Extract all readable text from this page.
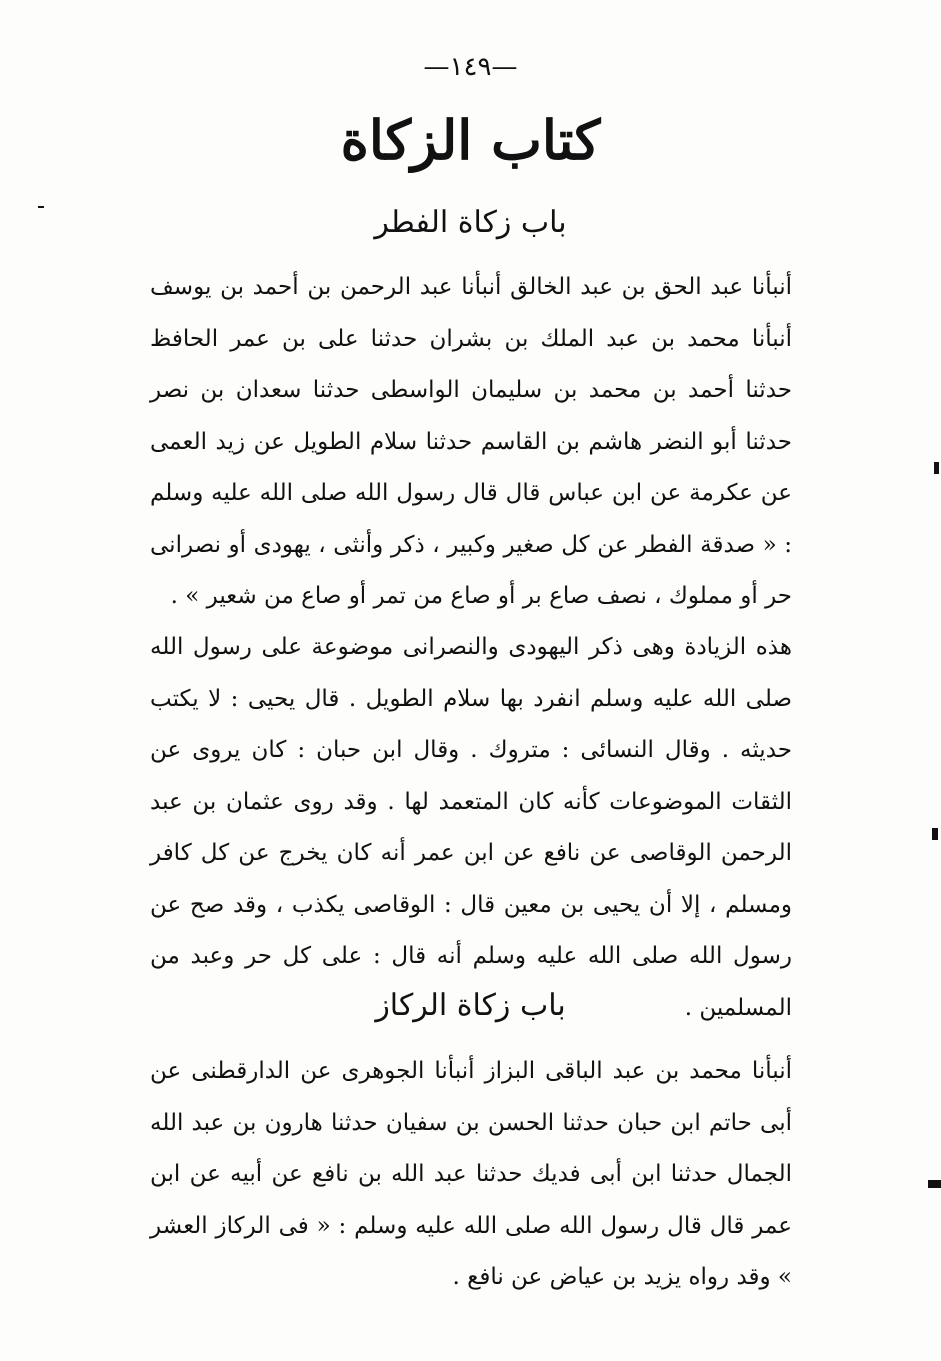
—١٤٩—
كتاب الزكاة
باب زكاة الفطر
أنبأنا عبد الحق بن عبد الخالق أنبأنا عبد الرحمن بن أحمد بن يوسف أنبأنا محمد بن عبد الملك بن بشران حدثنا على بن عمر الحافظ حدثنا أحمد بن محمد بن سليمان الواسطى حدثنا سعدان بن نصر حدثنا أبو النضر هاشم بن القاسم حدثنا سلام الطويل عن زيد العمى عن عكرمة عن ابن عباس قال قال رسول الله صلى الله عليه وسلم : « صدقة الفطر عن كل صغير وكبير ، ذكر وأنثى ، يهودى أو نصرانى حر أو مملوك ، نصف صاع بر أو صاع من تمر أو صاع من شعير » .
هذه الزيادة وهى ذكر اليهودى والنصرانى موضوعة على رسول الله صلى الله عليه وسلم انفرد بها سلام الطويل . قال يحيى : لا يكتب حديثه . وقال النسائى : متروك . وقال ابن حبان : كان يروى عن الثقات الموضوعات كأنه كان المتعمد لها . وقد روى عثمان بن عبد الرحمن الوقاصى عن نافع عن ابن عمر أنه كان يخرج عن كل كافر ومسلم ، إلا أن يحيى بن معين قال : الوقاصى يكذب ، وقد صح عن رسول الله صلى الله عليه وسلم أنه قال : على كل حر وعبد من المسلمين .
باب زكاة الركاز
أنبأنا محمد بن عبد الباقى البزاز أنبأنا الجوهرى عن الدارقطنى عن أبى حاتم ابن حبان حدثنا الحسن بن سفيان حدثنا هارون بن عبد الله الجمال حدثنا ابن أبى فديك حدثنا عبد الله بن نافع عن أبيه عن ابن عمر قال قال رسول الله صلى الله عليه وسلم : « فى الركاز العشر » وقد رواه يزيد بن عياض عن نافع .
